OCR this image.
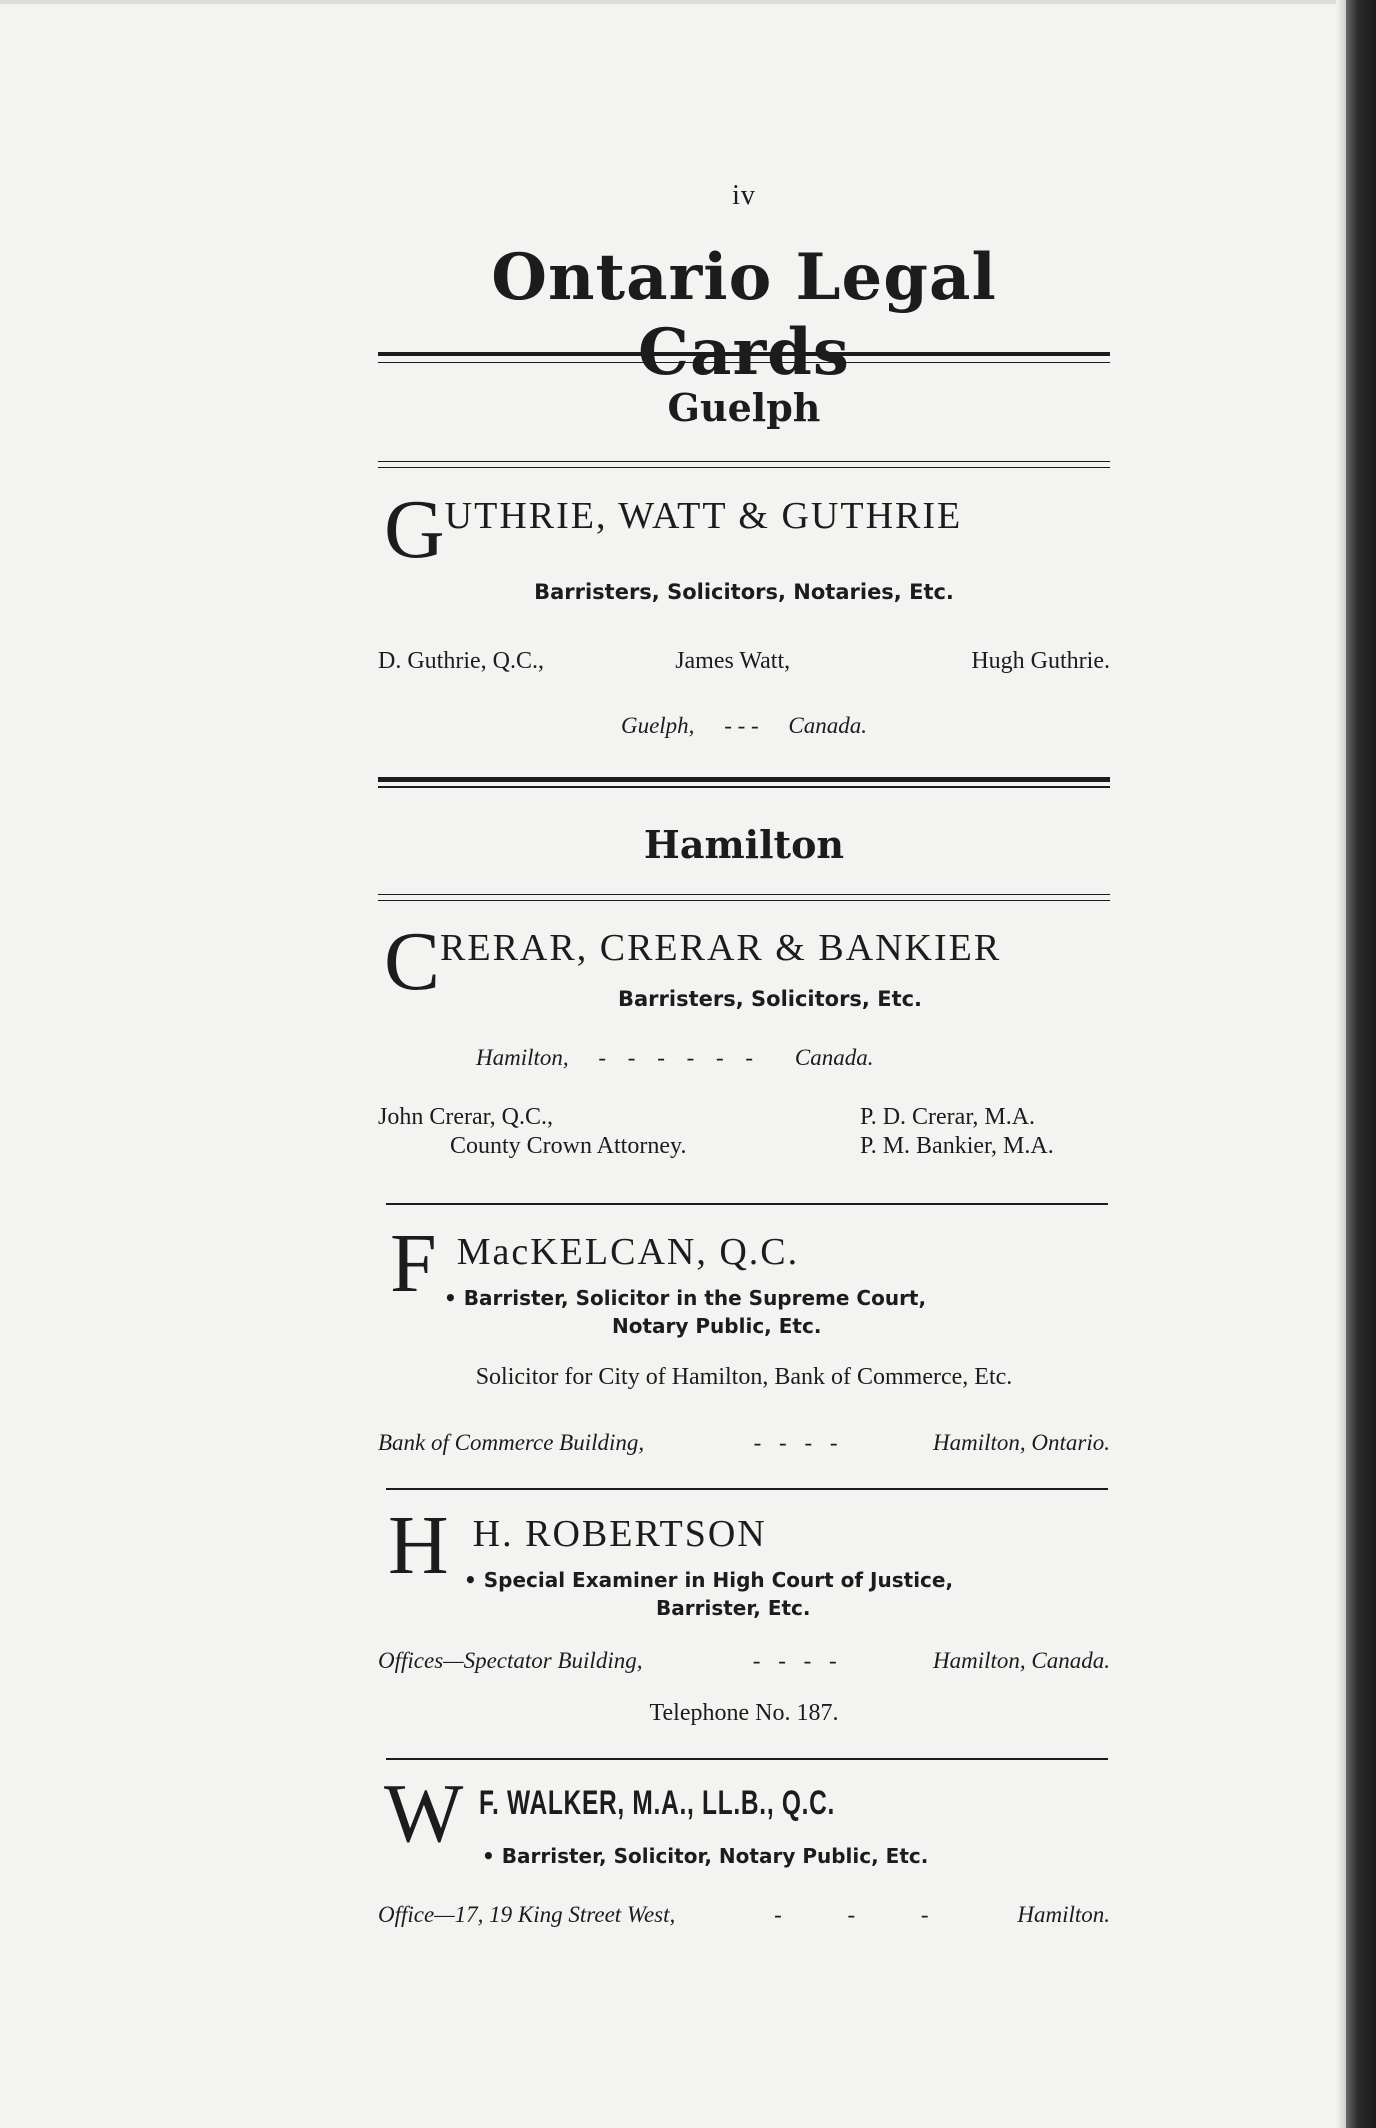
iv
Ontario Legal
Guelph
GUTHRIE, WATT & GUTHRIE
Barristers, Solicitors, Notaries, Etc.
D. Guthrie, Q.C.,	James Watt,	Hugh Guthrie.
Guelph, - - - Canada.
Hamilton
CRERAR, CRERAR & BANKIER
Barristers, Solicitors, Etc.
Hamilton, - - - - - - Canada.
John Crerar, Q.C.,
County Crown Attorney.
P. D. Crerar, M.A.
P. M. Bankier, M.A.
F MacKELCAN, Q.C.
• Barrister, Solicitor in the Supreme Court,
Notary Public, Etc.
Solicitor for City of Hamilton, Bank of Commerce, Etc.
Bank of Commerce Building,	- - - -	Hamilton, Ontario.
H H. ROBERTSON
• Special Examiner in High Court of Justice,
Barrister, Etc.
Offices—Spectator Building,	- - - -	Hamilton, Canada.
Telephone No. 187.
W F. WALKER, M.A., LL.B., Q.C.
• Barrister, Solicitor, Notary Public, Etc.
Office—17, 19 King Street West,	- - -	Hamilton.
